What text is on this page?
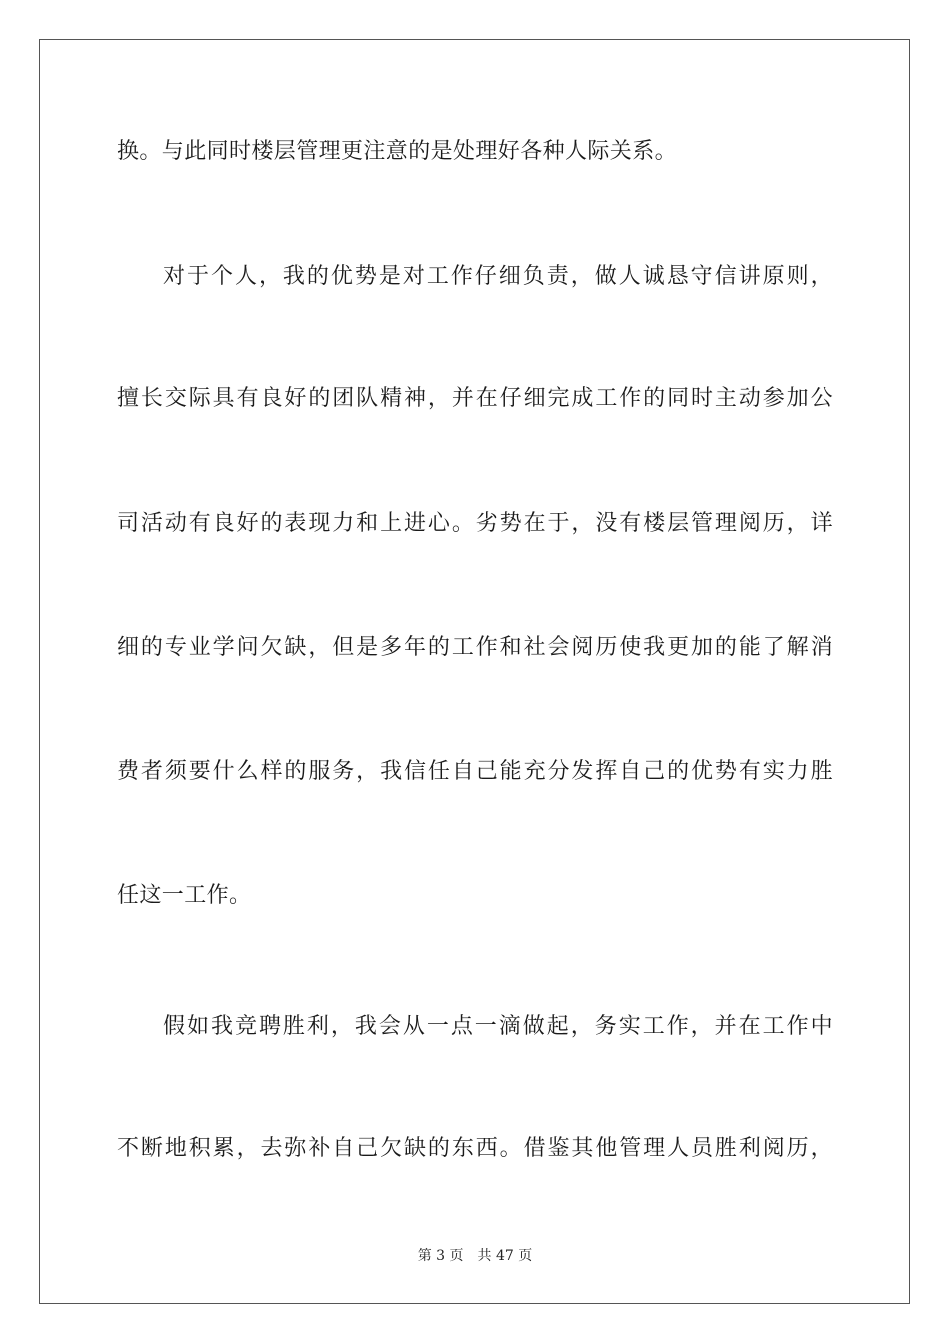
换。与此同时楼层管理更注意的是处理好各种人际关系。
对于个人，我的优势是对工作仔细负责，做人诚恳守信讲原则，
擅长交际具有良好的团队精神，并在仔细完成工作的同时主动参加公
司活动有良好的表现力和上进心。劣势在于，没有楼层管理阅历，详
细的专业学问欠缺，但是多年的工作和社会阅历使我更加的能了解消
费者须要什么样的服务，我信任自己能充分发挥自己的优势有实力胜
任这一工作。
假如我竞聘胜利，我会从一点一滴做起，务实工作，并在工作中
不断地积累，去弥补自己欠缺的东西。借鉴其他管理人员胜利阅历，
第 3 页 共 47 页
